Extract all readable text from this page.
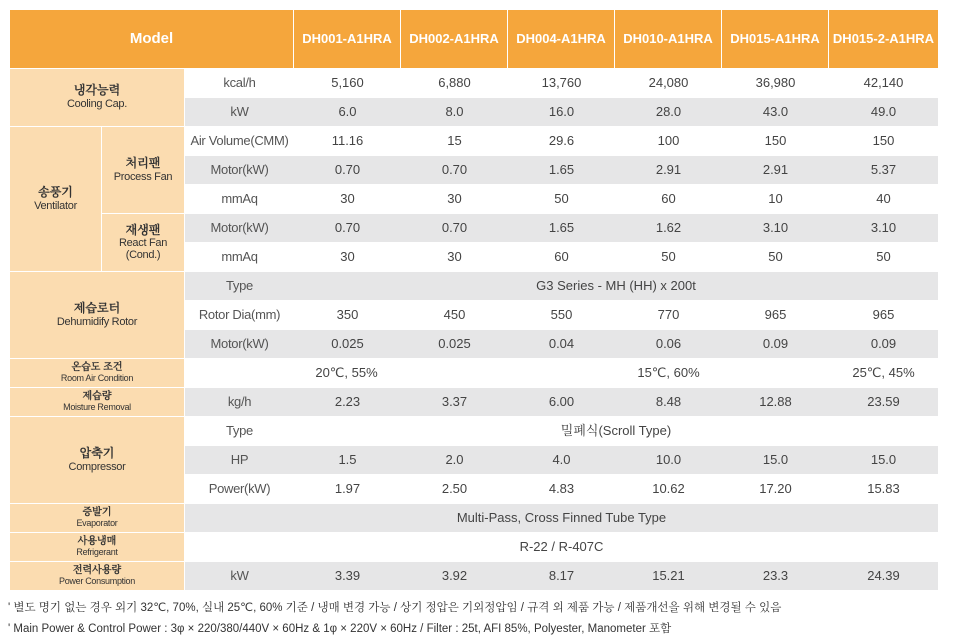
Model			DH001-A1HRA	DH002-A1HRA	DH004-A1HRA	DH010-A1HRA	DH015-A1HRA	DH015-2-A1HRA

냉각능력
Cooling Cap.		kcal/h	5,160	6,880	13,760	24,080	36,980	42,140
		kW	6.0	8.0	16.0	28.0	43.0	49.0

송풍기
Ventilator	처리팬
Process Fan	Air Volume(CMM)	11.16	15	29.6	100	150	150
		Motor(kW)	0.70	0.70	1.65	2.91	2.91	5.37
		mmAq	30	30	50	60	10	40

	재생팬
React Fan
(Cond.)	Motor(kW)	0.70	0.70	1.65	1.62	3.10	3.10
		mmAq	30	30	60	50	50	50

제습로터
Dehumidify Rotor		Type	G3 Series - MH (HH) x 200t					
		Rotor Dia(mm)	350	450	550	770	965	965
		Motor(kW)	0.025	0.025	0.04	0.06	0.09	0.09

온습도 조건
Room Air Condition		20℃, 55%			15℃, 60%			25℃, 45%

제습량
Moisture Removal		kg/h	2.23	3.37	6.00	8.48	12.88	23.59

압축기
Compressor		Type	밀폐식(Scroll Type)					
		HP	1.5	2.0	4.0	10.0	15.0	15.0
		Power(kW)	1.97	2.50	4.83	10.62	17.20	15.83

증발기
Evaporator		Multi-Pass, Cross Finned Tube Type						

사용냉매
Refrigerant		R-22 / R-407C						

전력사용량
Power Consumption		kW	3.39	3.92	8.17	15.21	23.3	24.39
' 별도 명기 없는 경우 외기 32℃, 70%, 실내 25℃, 60% 기준 / 냉매 변경 가능 / 상기 정압은 기외정압임 / 규격 외 제품 가능 / 제품개선을 위해 변경될 수 있음
' Main Power & Control Power : 3φ × 220/380/440V × 60Hz & 1φ × 220V × 60Hz / Filter : 25t, AFI 85%, Polyester, Manometer 포함
